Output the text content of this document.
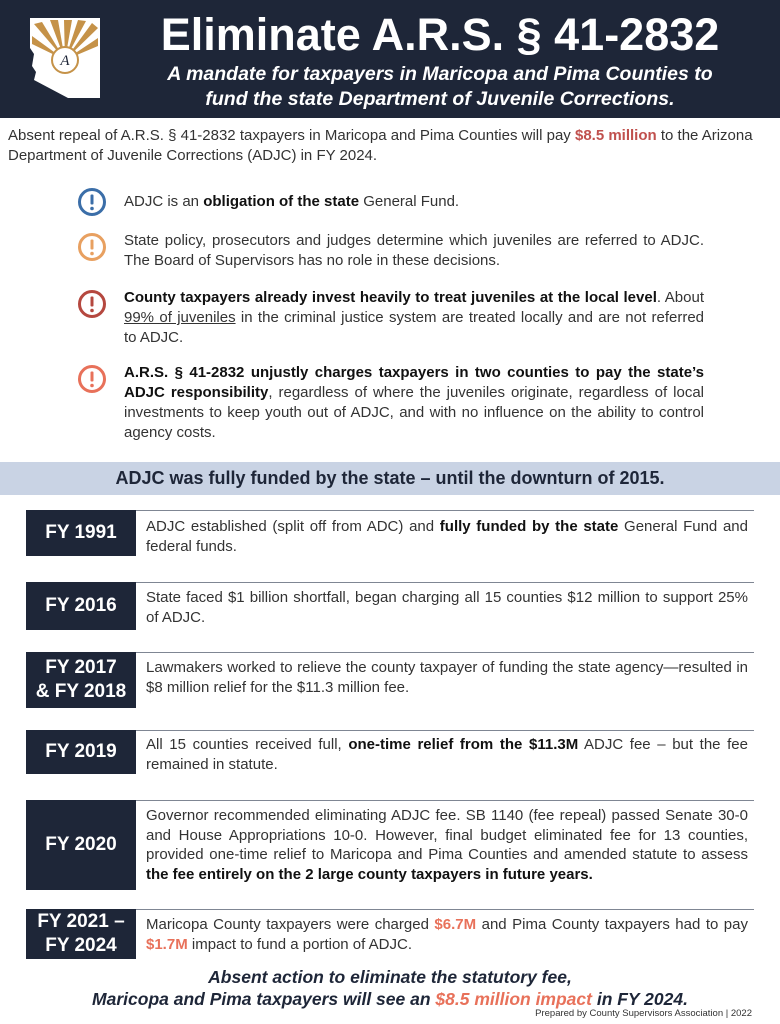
A
Eliminate A.R.S. § 41-2832
A mandate for taxpayers in Maricopa and Pima Counties to
fund the state Department of Juvenile Corrections.
Absent repeal of A.R.S. § 41-2832 taxpayers in Maricopa and Pima Counties will pay $8.5 million to the Arizona Department of Juvenile Corrections (ADJC) in FY 2024.
ADJC is an obligation of the state General Fund.
State policy, prosecutors and judges determine which juveniles are referred to ADJC. The Board of Supervisors has no role in these decisions.
County taxpayers already invest heavily to treat juveniles at the local level. About 99% of juveniles in the criminal justice system are treated locally and are not referred to ADJC.
A.R.S. § 41-2832 unjustly charges taxpayers in two counties to pay the state’s ADJC responsibility, regardless of where the juveniles originate, regardless of local investments to keep youth out of ADJC, and with no influence on the ability to control agency costs.
ADJC was fully funded by the state – until the downturn of 2015.
FY 1991 ADJC established (split off from ADC) and fully funded by the state General Fund and federal funds.
FY 2016 State faced $1 billion shortfall, began charging all 15 counties $12 million to support 25% of ADJC.
FY 2017
& FY 2018
Lawmakers worked to relieve the county taxpayer of funding the state agency—resulted in $8 million relief for the $11.3 million fee.
FY 2019 All 15 counties received full, one-time relief from the $11.3M ADJC fee – but the fee remained in statute.
FY 2020
Governor recommended eliminating ADJC fee. SB 1140 (fee repeal) passed Senate 30-0 and House Appropriations 10-0. However, final budget eliminated fee for 13 counties, provided one-time relief to Maricopa and Pima Counties and amended statute to assess the fee entirely on the 2 large county taxpayers in future years.
FY 2021 –
FY 2024
Maricopa County taxpayers were charged $6.7M and Pima County taxpayers had to pay $1.7M impact to fund a portion of ADJC.
Absent action to eliminate the statutory fee,
Maricopa and Pima taxpayers will see an $8.5 million impact in FY 2024.
Prepared by County Supervisors Association | 2022
